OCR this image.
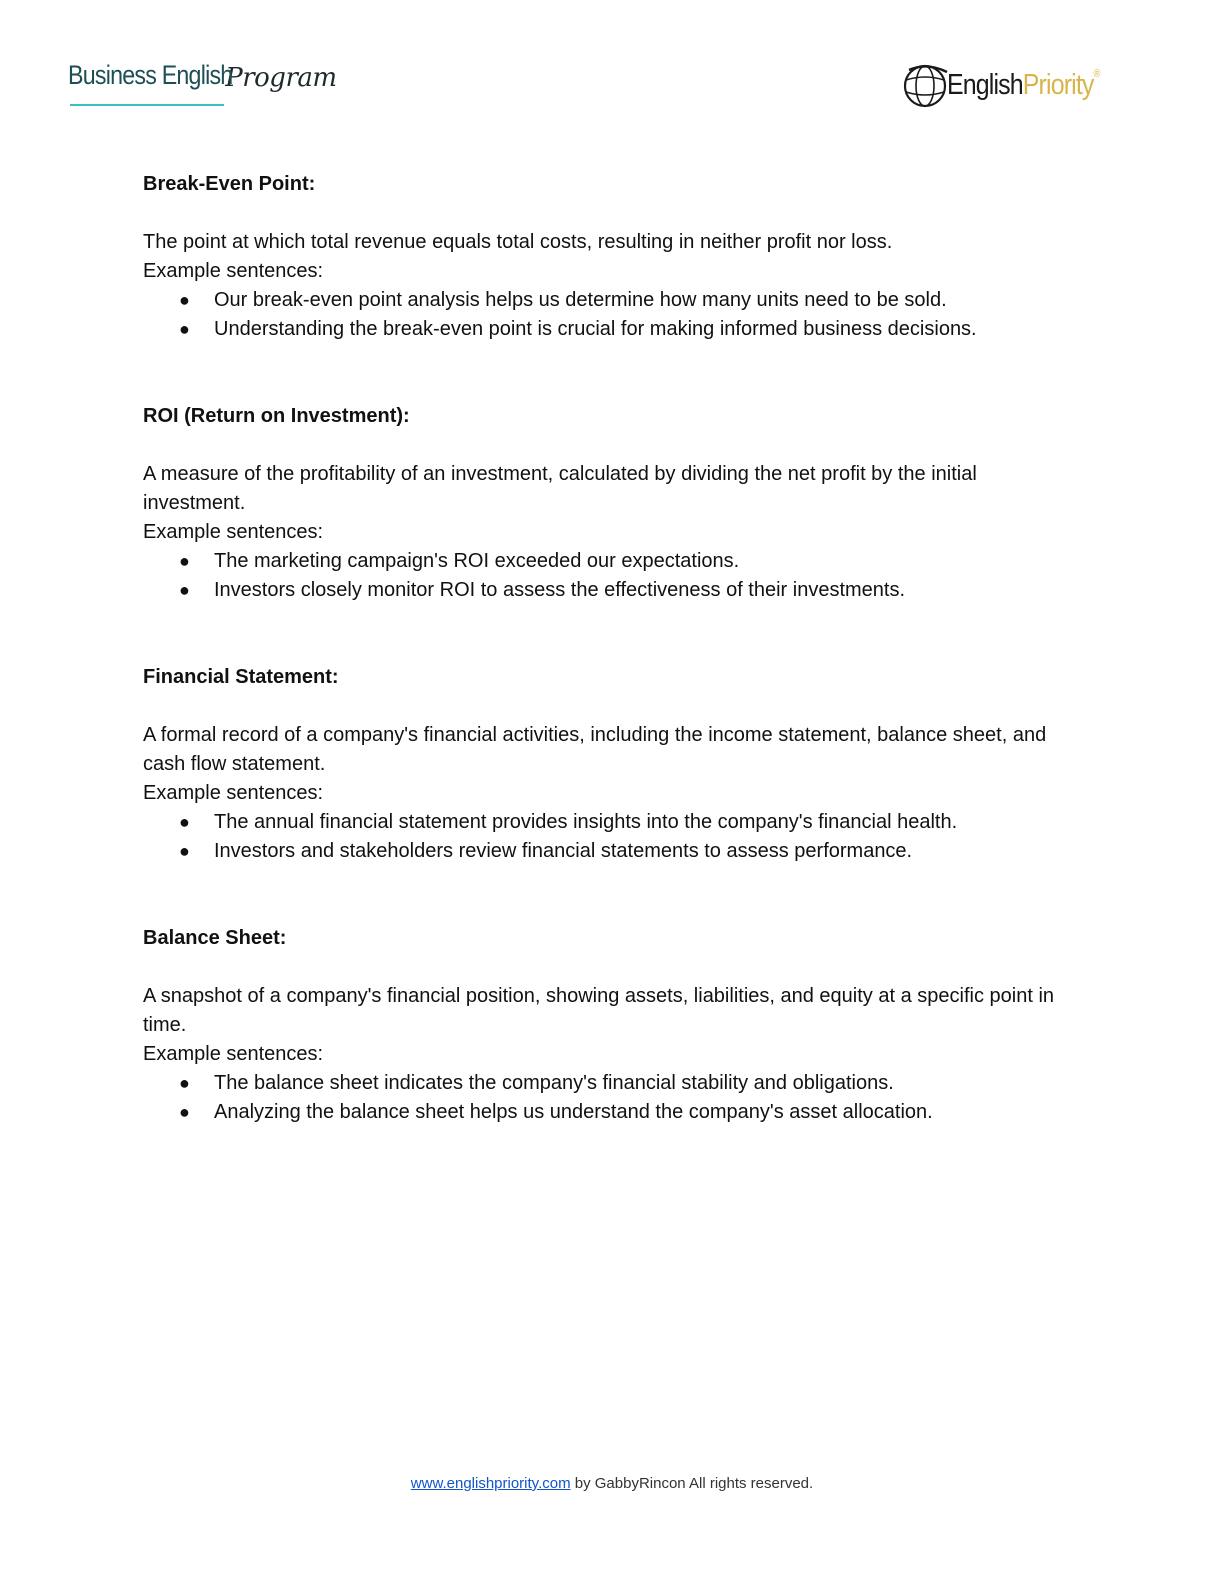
Business English
Program	EnglishPriority®

Break-Even Point:

The point at which total revenue equals total costs, resulting in neither profit nor loss.

Example sentences:

● Our break-even point analysis helps us determine how many units need to be sold.
● Understanding the break-even point is crucial for making informed business decisions.

ROI (Return on Investment):

A measure of the profitability of an investment, calculated by dividing the net profit by the initial investment.

Example sentences:

● The marketing campaign's ROI exceeded our expectations.
● Investors closely monitor ROI to assess the effectiveness of their investments.

Financial Statement:

A formal record of a company's financial activities, including the income statement, balance sheet, and cash flow statement.

Example sentences:

● The annual financial statement provides insights into the company's financial health.
● Investors and stakeholders review financial statements to assess performance.

Balance Sheet:

A snapshot of a company's financial position, showing assets, liabilities, and equity at a specific point in time.

Example sentences:

● The balance sheet indicates the company's financial stability and obligations.
● Analyzing the balance sheet helps us understand the company's asset allocation.
www.englishpriority.com by GabbyRincon All rights reserved.
